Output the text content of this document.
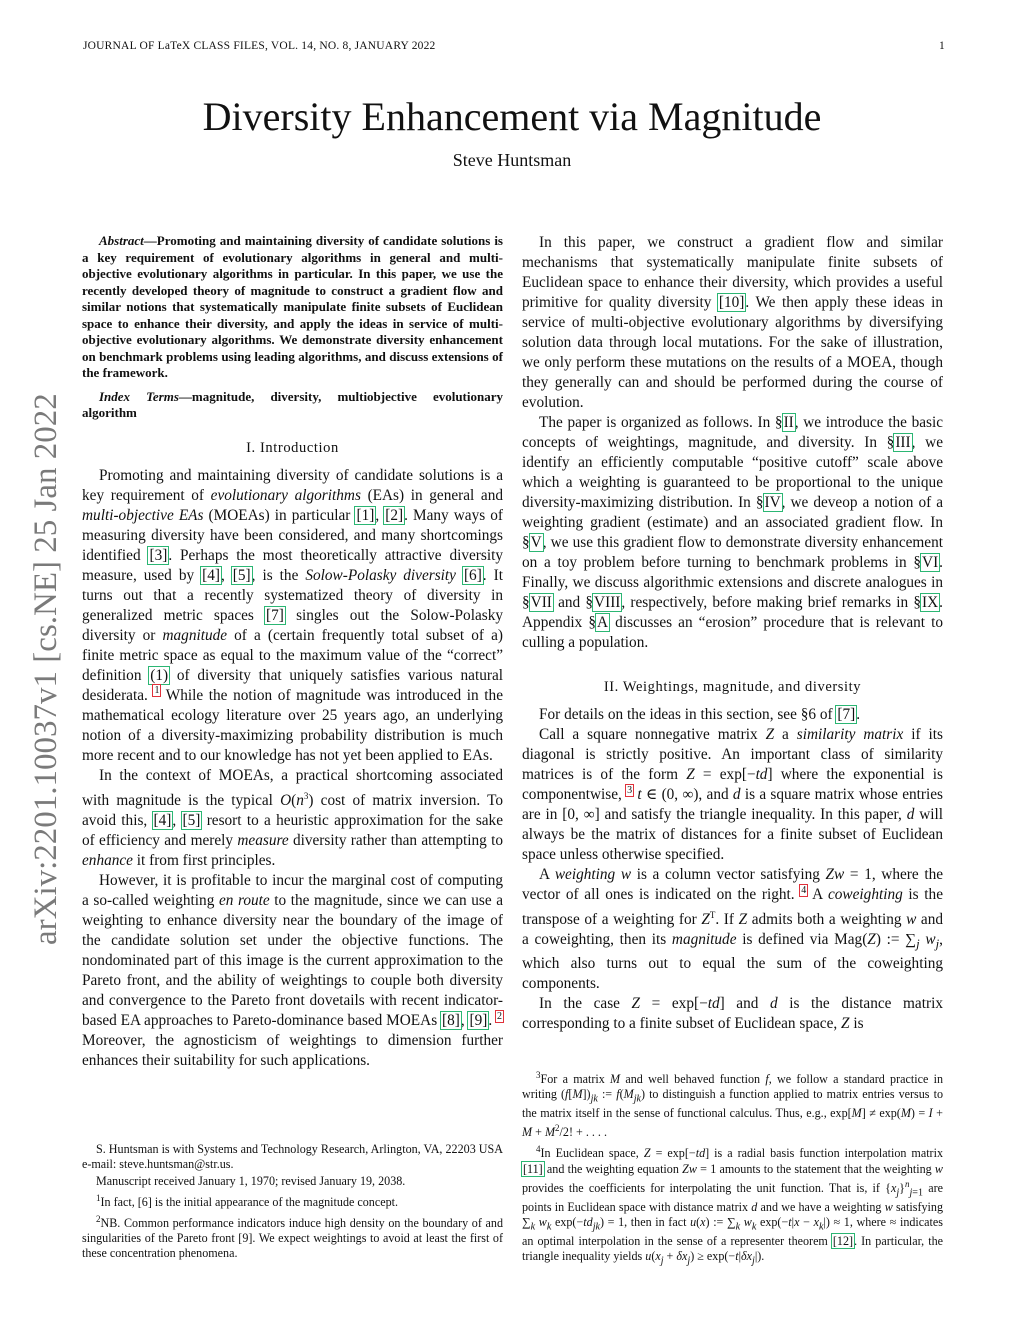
JOURNAL OF LaTeX CLASS FILES, VOL. 14, NO. 8, JANUARY 2022	1
Diversity Enhancement via Magnitude
Steve Huntsman
arXiv:2201.10037v1 [cs.NE] 25 Jan 2022

Abstract—Promoting and maintaining diversity of candidate solutions is a key requirement of evolutionary algorithms in general and multi-objective evolutionary algorithms in particular. In this paper, we use the recently developed theory of magnitude to construct a gradient flow and similar notions that systematically manipulate finite subsets of Euclidean space to enhance their diversity, and apply the ideas in service of multi-objective evolutionary algorithms. We demonstrate diversity enhancement on benchmark problems using leading algorithms, and discuss extensions of the framework.

Index Terms—magnitude, diversity, multiobjective evolutionary algorithm

I. Introduction

Promoting and maintaining diversity of candidate solutions is a key requirement of evolutionary algorithms (EAs) in general and multi-objective EAs (MOEAs) in particular [1], [2]. Many ways of measuring diversity have been considered, and many shortcomings identified [3]. Perhaps the most theoretically attractive diversity measure, used by [4], [5], is the Solow-Polasky diversity [6]. It turns out that a recently systematized theory of diversity in generalized metric spaces [7] singles out the Solow-Polasky diversity or magnitude of a (certain frequently total subset of a) finite metric space as equal to the maximum value of the “correct” definition (1) of diversity that uniquely satisfies various natural desiderata. $^1$ While the notion of magnitude was introduced in the mathematical ecology literature over 25 years ago, an underlying notion of a diversity-maximizing probability distribution is much more recent and to our knowledge has not yet been applied to EAs.

In the context of MOEAs, a practical shortcoming associated with magnitude is the typical $O(n^3)$ cost of matrix inversion. To avoid this, [4], [5] resort to a heuristic approximation for the sake of efficiency and merely measure diversity rather than attempting to enhance it from first principles.

However, it is profitable to incur the marginal cost of computing a so-called weighting en route to the magnitude, since we can use a weighting to enhance diversity near the boundary of the image of the candidate solution set under the objective functions. The nondominated part of this image is the current approximation to the Pareto front, and the ability of weightings to couple both diversity and convergence to the Pareto front dovetails with recent indicator-based EA approaches to Pareto-dominance based MOEAs [8], [9]. $^2$ Moreover, the agnosticism of weightings to dimension further enhances their suitability for such applications.

S. Huntsman is with Systems and Technology Research, Arlington, VA, 22203 USA e-mail: steve.huntsman@str.us.

Manuscript received January 1, 1970; revised January 19, 2038.

$^1$In fact, [6] is the initial appearance of the magnitude concept.

$^2$NB. Common performance indicators induce high density on the boundary of and singularities of the Pareto front [9]. We expect weightings to avoid at least the first of these concentration phenomena.

In this paper, we construct a gradient flow and similar mechanisms that systematically manipulate finite subsets of Euclidean space to enhance their diversity, which provides a useful primitive for quality diversity [10]. We then apply these ideas in service of multi-objective evolutionary algorithms by diversifying solution data through local mutations. For the sake of illustration, we only perform these mutations on the results of a MOEA, though they generally can and should be performed during the course of evolution.

The paper is organized as follows. In §II, we introduce the basic concepts of weightings, magnitude, and diversity. In §III, we identify an efficiently computable “positive cutoff” scale above which a weighting is guaranteed to be proportional to the unique diversity-maximizing distribution. In §IV, we deveop a notion of a weighting gradient (estimate) and an associated gradient flow. In §V, we use this gradient flow to demonstrate diversity enhancement on a toy problem before turning to benchmark problems in §VI. Finally, we discuss algorithmic extensions and discrete analogues in §VII and §VIII, respectively, before making brief remarks in §IX. Appendix §A discusses an “erosion” procedure that is relevant to culling a population.

II. Weightings, magnitude, and diversity

For details on the ideas in this section, see §6 of [7].

Call a square nonnegative matrix Z a similarity matrix if its diagonal is strictly positive. An important class of similarity matrices is of the form Z = exp[−td] where the exponential is componentwise, $^3$ t ∈ (0, ∞), and d is a square matrix whose entries are in [0, ∞] and satisfy the triangle inequality. In this paper, d will always be the matrix of distances for a finite subset of Euclidean space unless otherwise specified.

A weighting w is a column vector satisfying Zw = 1, where the vector of all ones is indicated on the right. $^4$ A coweighting is the transpose of a weighting for $Z^T$. If Z admits both a weighting w and a coweighting, then its magnitude is defined via Mag(Z) := $\sum_j$ $w_j$, which also turns out to equal the sum of the coweighting components.

In the case Z = exp[−td] and d is the distance matrix corresponding to a finite subset of Euclidean space, Z is

$^3$For a matrix M and well behaved function f, we follow a standard practice in writing $(f[M])_{jk}$ := $f(M_{jk})$ to distinguish a function applied to matrix entries versus to the matrix itself in the sense of functional calculus. Thus, e.g., $\exp[M] \ne \exp(M) = I + M + M^2/2$! + . . . .

$^4$In Euclidean space, Z = exp[−td] is a radial basis function interpolation matrix [11] and the weighting equation Zw = 1 amounts to the statement that the weighting w provides the coefficients for interpolating the unit function. That is, if $\{x_j\}^n_{j=1}$ are points in Euclidean space with distance matrix d and we have a weighting w satisfying $\sum_k$ $w_k$ $\exp(-td_{jk}) = 1$, then in fact u(x) := $\sum_k$ $w_k$ $\exp(-t|x - x_k|) \approx 1$, where ≈ indicates an optimal interpolation in the sense of a representer theorem [12]. In particular, the triangle inequality yields $u(x_j + \delta x_j) \ge \exp(-t|\delta x_j|)$.
